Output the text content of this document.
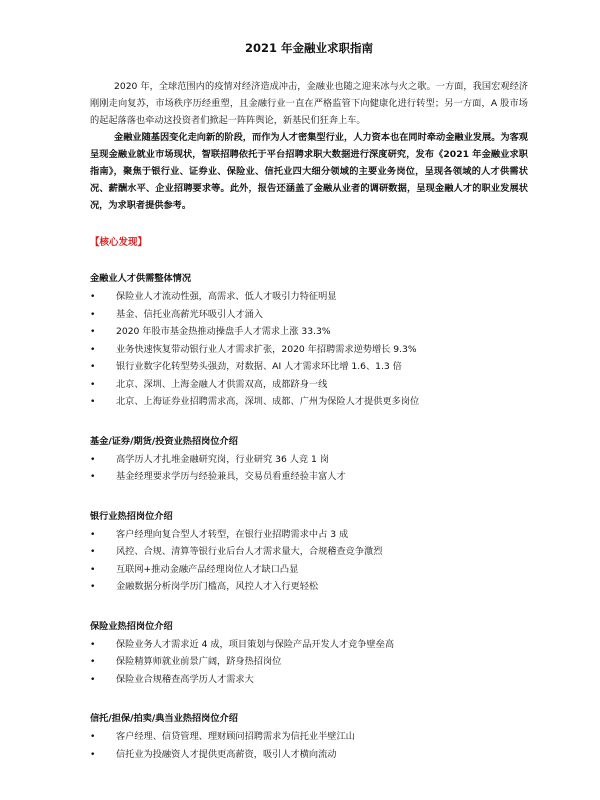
2021 年金融业求职指南

2020 年，全球范围内的疫情对经济造成冲击，金融业也随之迎来冰与火之歌。一方面，我国宏观经济刚刚走向复苏，市场秩序历经重塑，且金融行业一直在严格监管下向健康化进行转型；另一方面，A 股市场的起起落落也牵动这投资者们掀起一阵阵舆论，新基民们狂奔上车。

金融业随基因变化走向新的阶段，而作为人才密集型行业，人力资本也在同时牵动金融业发展。为客观呈现金融业就业市场现状，智联招聘依托于平台招聘求职大数据进行深度研究，发布《2021 年金融业求职指南》，聚焦于银行业、证券业、保险业、信托业四大细分领域的主要业务岗位，呈现各领域的人才供需状况、薪酬水平、企业招聘要求等。此外，报告还涵盖了金融从业者的调研数据，呈现金融人才的职业发展状况，为求职者提供参考。

【核心发现】
金融业人才供需整体情况
• 保险业人才流动性强，高需求、低人才吸引力特征明显
• 基金、信托业高薪光环吸引人才涌入
• 2020 年股市基金热推动操盘手人才需求上涨 33.3%
• 业务快速恢复带动银行业人才需求扩张，2020 年招聘需求逆势增长 9.3%
• 银行业数字化转型势头强劲，对数据、AI 人才需求环比增 1.6、1.3 倍
• 北京、深圳、上海金融人才供需双高，成都跻身一线
• 北京、上海证券业招聘需求高，深圳、成都、广州为保险人才提供更多岗位
基金/证券/期货/投资业热招岗位介绍
• 高学历人才扎堆金融研究岗，行业研究 36 人竞 1 岗
• 基金经理要求学历与经验兼具，交易员看重经验丰富人才
银行业热招岗位介绍
• 客户经理向复合型人才转型，在银行业招聘需求中占 3 成
• 风控、合规、清算等银行业后台人才需求量大，合规稽查竞争激烈
• 互联网+推动金融产品经理岗位人才缺口凸显
• 金融数据分析岗学历门槛高，风控人才入行更轻松
保险业热招岗位介绍
• 保险业务人才需求近 4 成，项目策划与保险产品开发人才竞争壁垒高
• 保险精算师就业前景广阔，跻身热招岗位
• 保险业合规稽查高学历人才需求大
信托/担保/拍卖/典当业热招岗位介绍
• 客户经理、信贷管理、理财顾问招聘需求为信托业半壁江山
• 信托业为投融资人才提供更高薪资，吸引人才横向流动
